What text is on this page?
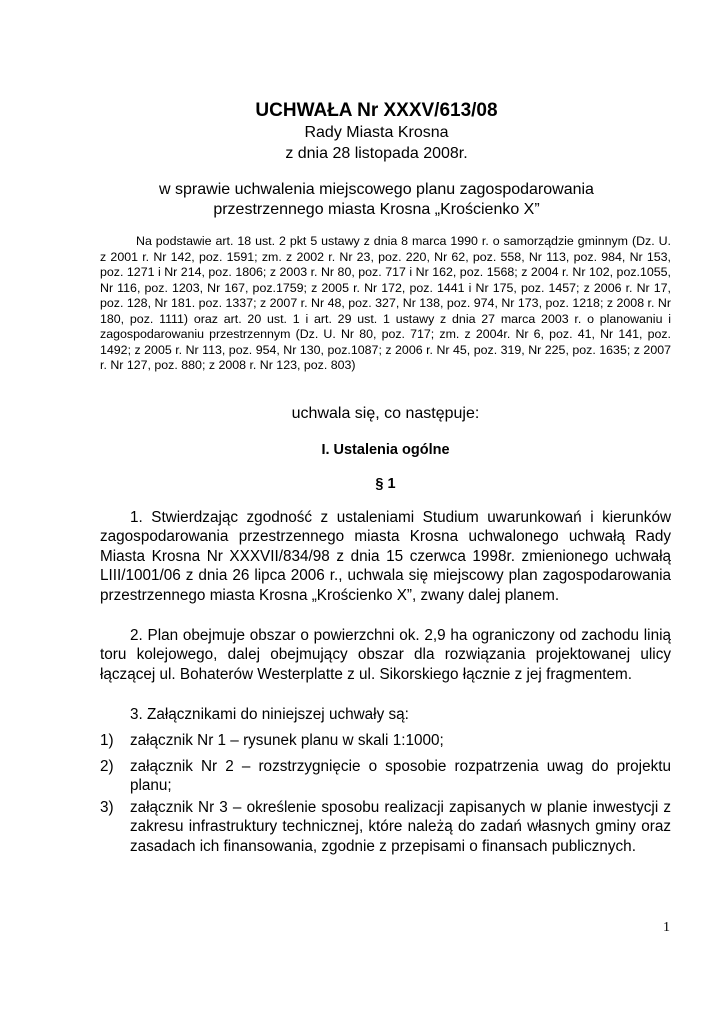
UCHWAŁA Nr XXXV/613/08
Rady Miasta Krosna
z dnia 28 listopada 2008r.
w sprawie uchwalenia miejscowego planu zagospodarowania
przestrzennego miasta Krosna „Krościenko X”
Na podstawie art. 18 ust. 2 pkt 5 ustawy z dnia 8 marca 1990 r. o samorządzie gminnym (Dz. U. z 2001 r. Nr 142, poz. 1591; zm. z 2002 r. Nr 23, poz. 220, Nr 62, poz. 558, Nr 113, poz. 984, Nr 153, poz. 1271 i Nr 214, poz. 1806; z 2003 r. Nr 80, poz. 717 i Nr 162, poz. 1568; z 2004 r. Nr 102, poz.1055, Nr 116, poz. 1203, Nr 167, poz.1759; z 2005 r. Nr 172, poz. 1441 i Nr 175, poz. 1457; z 2006 r. Nr 17, poz. 128, Nr 181. poz. 1337; z 2007 r. Nr 48, poz. 327, Nr 138, poz. 974, Nr 173, poz. 1218; z 2008 r. Nr 180, poz. 1111) oraz art. 20 ust. 1 i art. 29 ust. 1 ustawy z dnia 27 marca 2003 r. o planowaniu i zagospodarowaniu przestrzennym (Dz. U. Nr 80, poz. 717; zm. z 2004r. Nr 6, poz. 41, Nr 141, poz. 1492; z 2005 r. Nr 113, poz. 954, Nr 130, poz.1087; z 2006 r. Nr 45, poz. 319, Nr 225, poz. 1635; z 2007 r. Nr 127, poz. 880; z 2008 r. Nr 123, poz. 803)
uchwala się, co następuje:
I. Ustalenia ogólne
§ 1
1. Stwierdzając zgodność z ustaleniami Studium uwarunkowań i kierunków zagospodarowania przestrzennego miasta Krosna uchwalonego uchwałą Rady Miasta Krosna Nr XXXVII/834/98 z dnia 15 czerwca 1998r. zmienionego uchwałą LIII/1001/06 z dnia 26 lipca 2006 r., uchwala się miejscowy plan zagospodarowania przestrzennego miasta Krosna „Krościenko X”, zwany dalej planem.
2. Plan obejmuje obszar o powierzchni ok. 2,9 ha ograniczony od zachodu linią toru kolejowego, dalej obejmujący obszar dla rozwiązania projektowanej ulicy łączącej ul. Bohaterów Westerplatte z ul. Sikorskiego łącznie z jej fragmentem.
3. Załącznikami do niniejszej uchwały są:
1)	załącznik Nr 1 – rysunek planu w skali 1:1000;
2)	załącznik Nr 2 – rozstrzygnięcie o sposobie rozpatrzenia uwag do projektu planu;
3)	załącznik Nr 3 – określenie sposobu realizacji zapisanych w planie inwestycji z zakresu infrastruktury technicznej, które należą do zadań własnych gminy oraz zasadach ich finansowania, zgodnie z przepisami o finansach publicznych.
1
